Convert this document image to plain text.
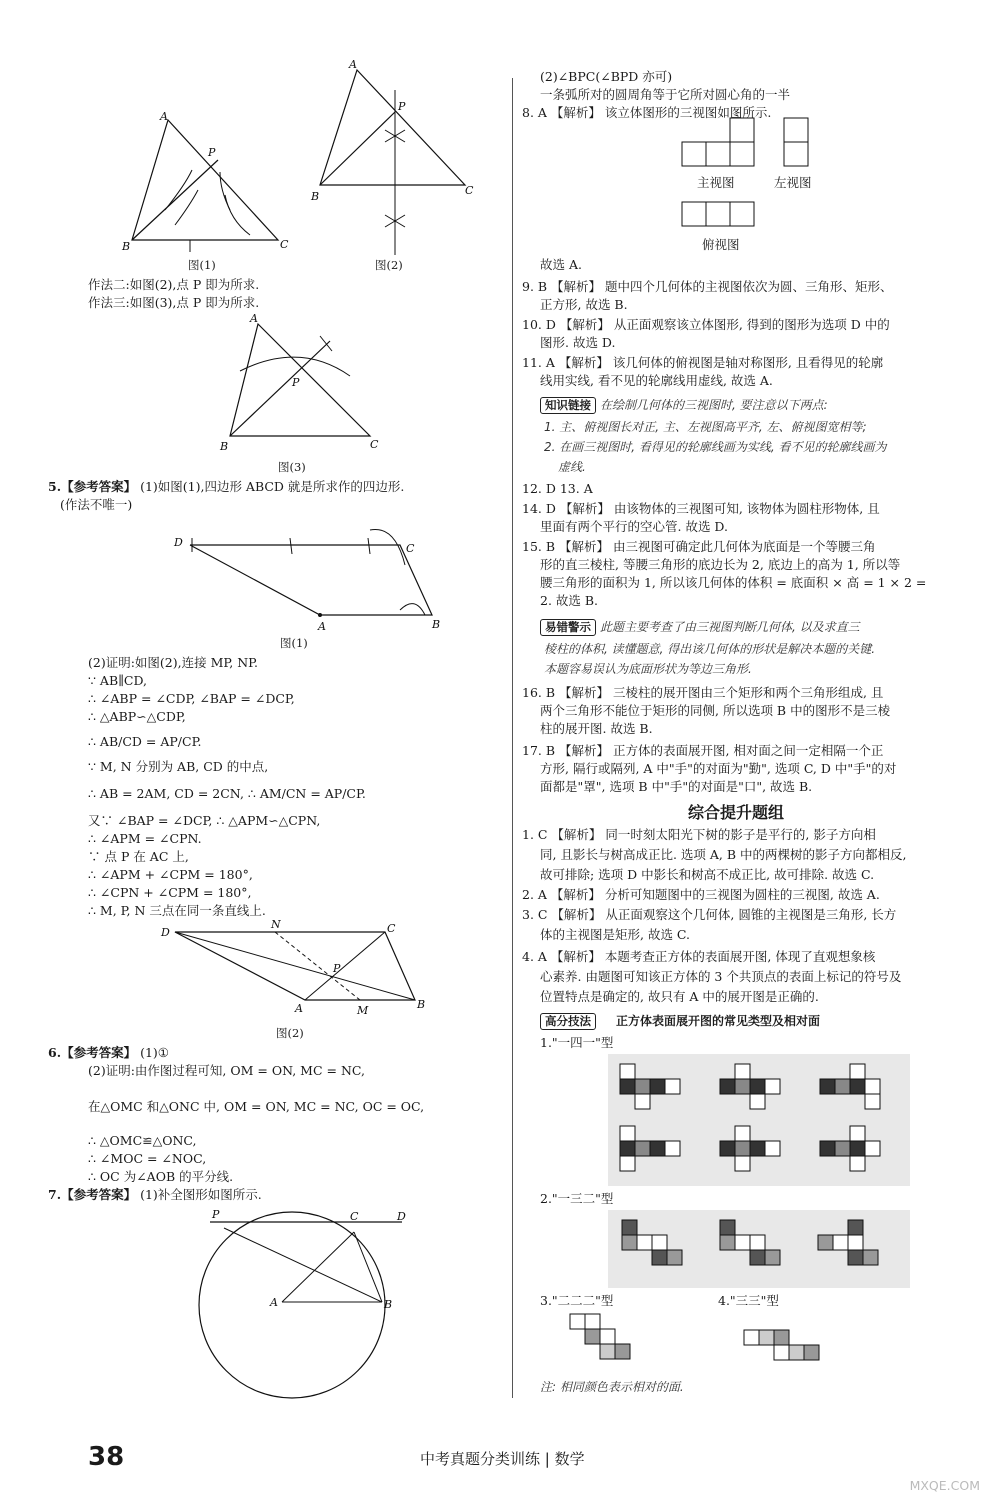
A
B	C
P
图(1)
A
B	C
P
图(2)
作法二:如图(2),点 P 即为所求.
作法三:如图(3),点 P 即为所求.
A
B	C
P
图(3)
5.【参考答案】 (1)如图(1),四边形 ABCD 就是所求作的四边形.
(作法不唯一)
D	C
B
A
图(1)
(2)证明:如图(2),连接 MP, NP.
∵ AB∥CD,
∴ ∠ABP = ∠CDP, ∠BAP = ∠DCP,
∴ △ABP∽△CDP,
∴ AB/CD = AP/CP.
∵ M, N 分别为 AB, CD 的中点,
∴ AB = 2AM, CD = 2CN, ∴ AM/CN = AP/CP.
又∵ ∠BAP = ∠DCP, ∴ △APM∽△CPN,
∴ ∠APM = ∠CPN.
∵ 点 P 在 AC 上,
∴ ∠APM + ∠CPM = 180°,
∴ ∠CPN + ∠CPM = 180°,
∴ M, P, N 三点在同一条直线上.
D	C
B
A
N
M
P
图(2)
6.【参考答案】 (1)①
(2)证明:由作图过程可知, OM = ON, MC = NC,
在△OMC 和△ONC 中, OM = ON, MC = NC, OC = OC,
∴ △OMC≌△ONC,
∴ ∠MOC = ∠NOC,
∴ OC 为∠AOB 的平分线.
7.【参考答案】 (1)补全图形如图所示.
P	C	D
A	B
(2)∠BPC(∠BPD 亦可)
一条弧所对的圆周角等于它所对圆心角的一半
8. A 【解析】 该立体图形的三视图如图所示.
主视图	左视图
俯视图
故选 A.
9. B 【解析】 题中四个几何体的主视图依次为圆、三角形、矩形、
正方形, 故选 B.
10. D 【解析】 从正面观察该立体图形, 得到的图形为选项 D 中的
图形. 故选 D.
11. A 【解析】 该几何体的俯视图是轴对称图形, 且看得见的轮廓
线用实线, 看不见的轮廓线用虚线, 故选 A.
知识链接 在绘制几何体的三视图时, 要注意以下两点:
1. 主、俯视图长对正, 主、左视图高平齐, 左、俯视图宽相等;
2. 在画三视图时, 看得见的轮廓线画为实线, 看不见的轮廓线画为
虚线.
12. D 13. A
14. D 【解析】 由该物体的三视图可知, 该物体为圆柱形物体, 且
里面有两个平行的空心管. 故选 D.
15. B 【解析】 由三视图可确定此几何体为底面是一个等腰三角
形的直三棱柱, 等腰三角形的底边长为 2, 底边上的高为 1, 所以等
腰三角形的面积为 1, 所以该几何体的体积 = 底面积 × 高 = 1 × 2 =
2. 故选 B.
易错警示 此题主要考查了由三视图判断几何体, 以及求直三
棱柱的体积, 读懂题意, 得出该几何体的形状是解决本题的关键.
本题容易误认为底面形状为等边三角形.
16. B 【解析】 三棱柱的展开图由三个矩形和两个三角形组成, 且
两个三角形不能位于矩形的同侧, 所以选项 B 中的图形不是三棱
柱的展开图. 故选 B.
17. B 【解析】 正方体的表面展开图, 相对面之间一定相隔一个正
方形, 隔行或隔列, A 中"手"的对面为"勤", 选项 C, D 中"手"的对
面都是"罩", 选项 B 中"手"的对面是"口", 故选 B.
综合提升题组
1. C 【解析】 同一时刻太阳光下树的影子是平行的, 影子方向相
同, 且影长与树高成正比. 选项 A, B 中的两棵树的影子方向都相反,
故可排除; 选项 D 中影长和树高不成正比, 故可排除. 故选 C.
2. A 【解析】 分析可知题图中的三视图为圆柱的三视图, 故选 A.
3. C 【解析】 从正面观察这个几何体, 圆锥的主视图是三角形, 长方
体的主视图是矩形, 故选 C.
4. A 【解析】 本题考查正方体的表面展开图, 体现了直观想象核
心素养. 由题图可知该正方体的 3 个共顶点的表面上标记的符号及
位置特点是确定的, 故只有 A 中的展开图是正确的.
高分技法 正方体表面展开图的常见类型及相对面
1."一四一"型
2."一三二"型
3."二二二"型	4."三三"型
注: 相同颜色表示相对的面.
38	中考真题分类训练 | 数学
MXQE.COM
